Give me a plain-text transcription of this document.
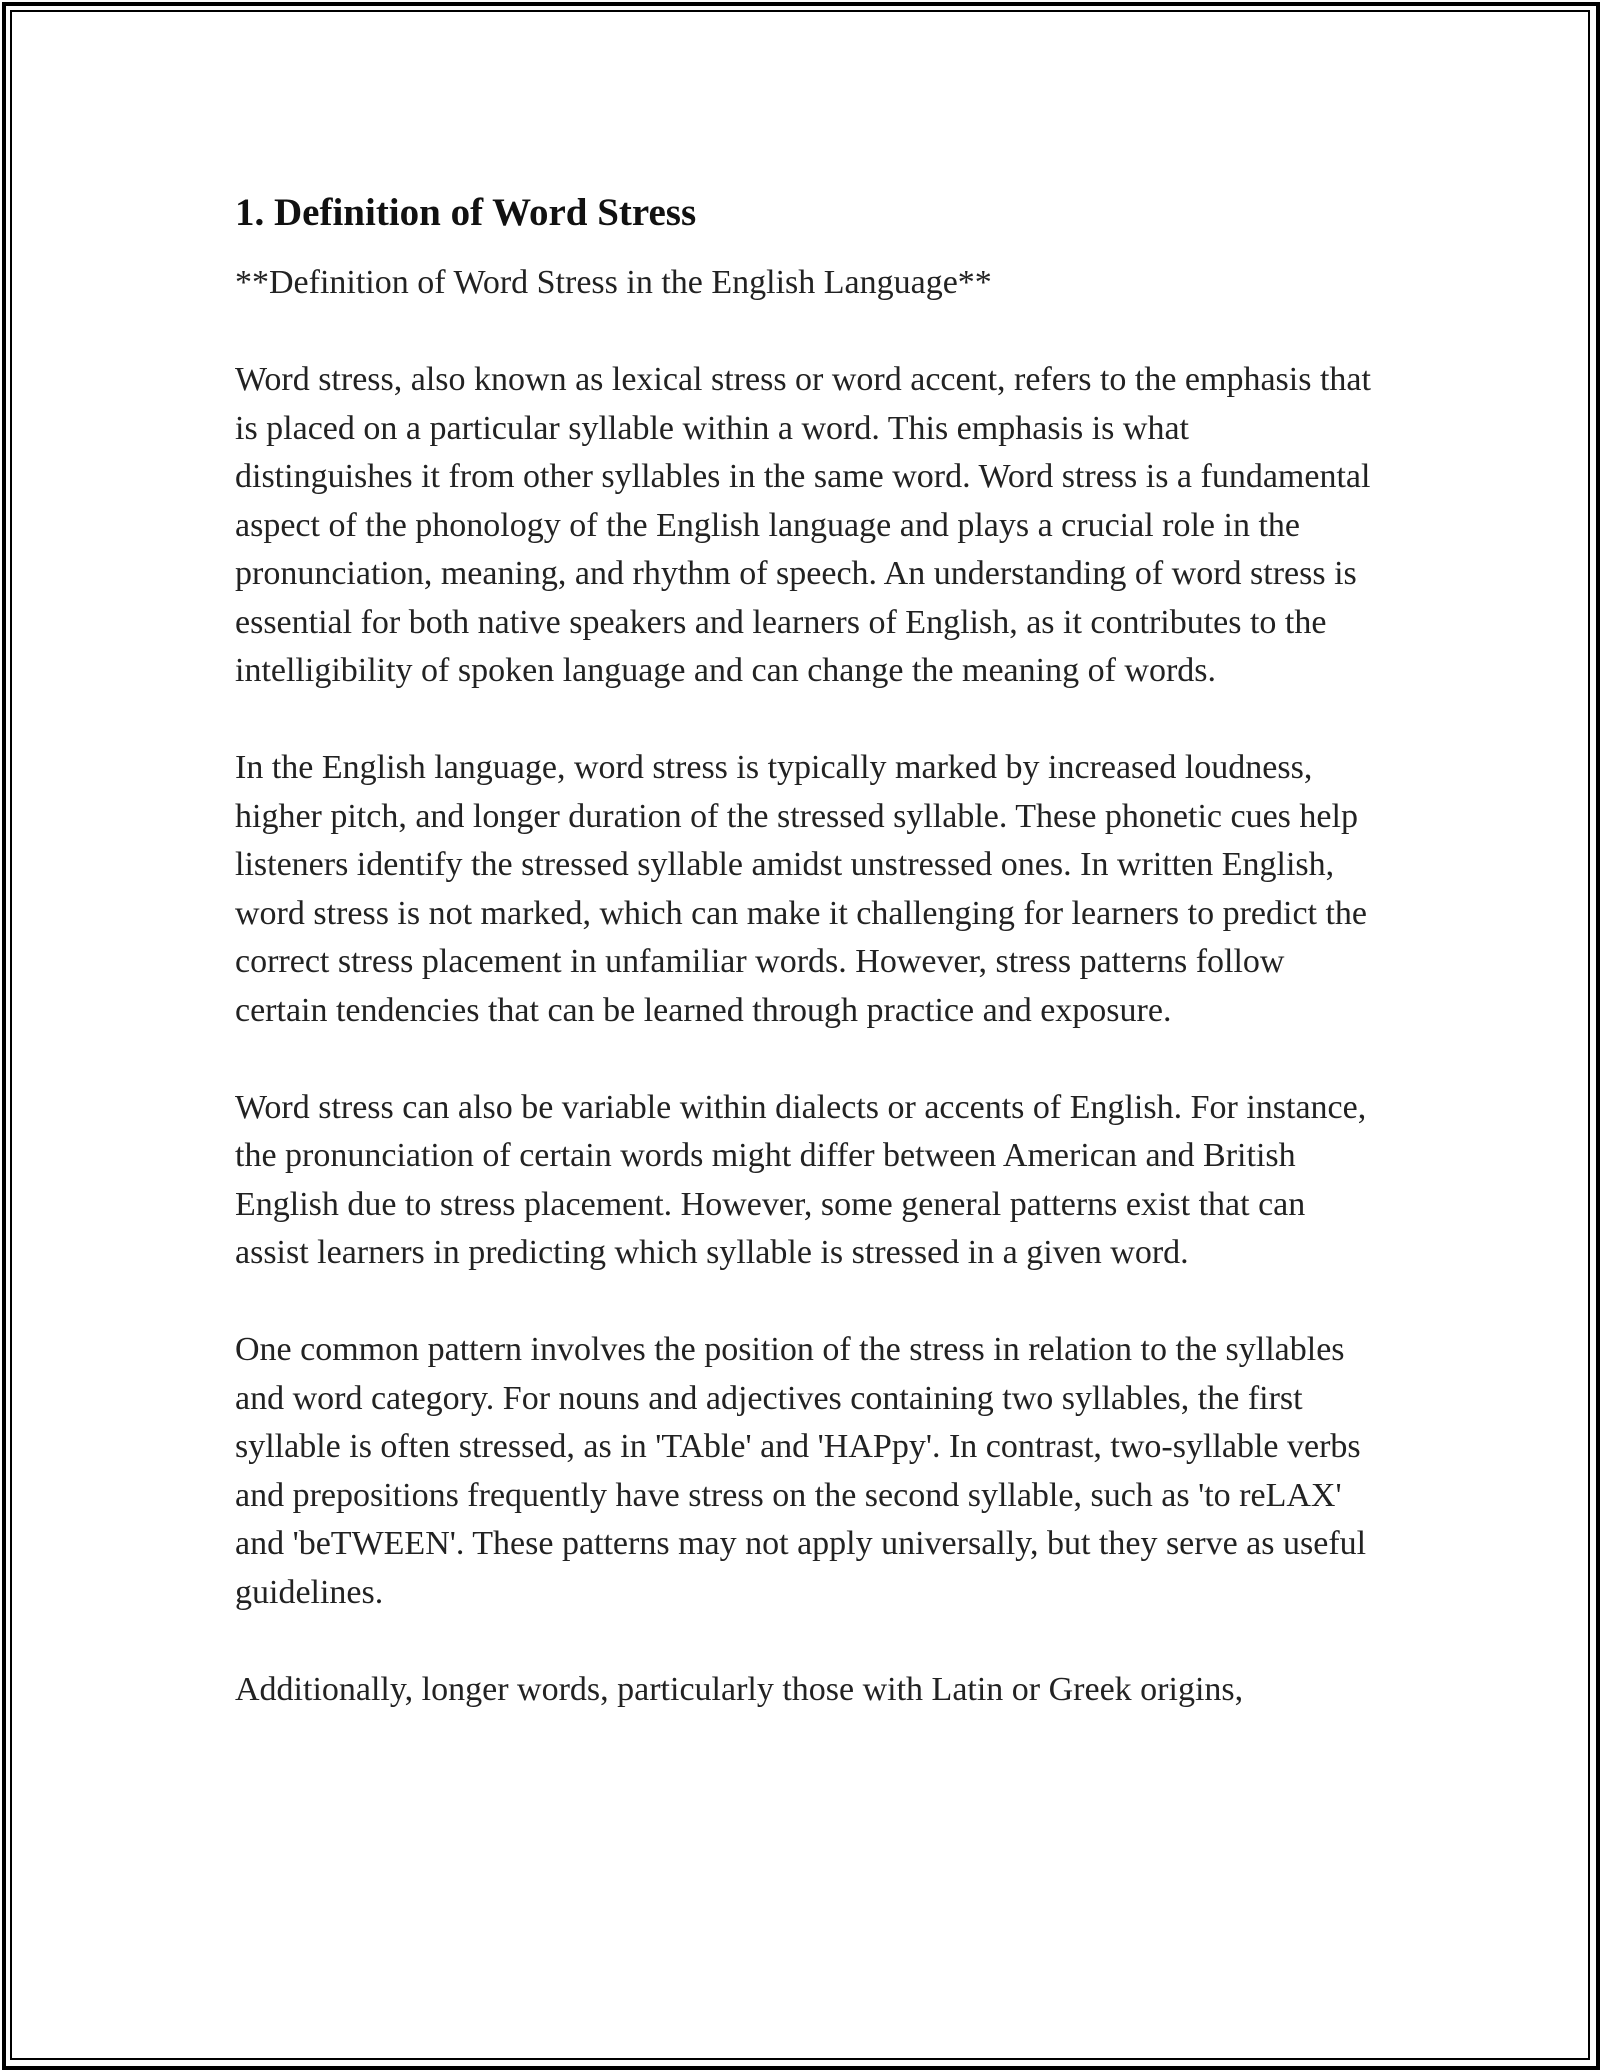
1. Definition of Word Stress

**Definition of Word Stress in the English Language**

Word stress, also known as lexical stress or word accent, refers to the emphasis that is placed on a particular syllable within a word. This emphasis is what distinguishes it from other syllables in the same word. Word stress is a fundamental aspect of the phonology of the English language and plays a crucial role in the pronunciation, meaning, and rhythm of speech. An understanding of word stress is essential for both native speakers and learners of English, as it contributes to the intelligibility of spoken language and can change the meaning of words.

In the English language, word stress is typically marked by increased loudness, higher pitch, and longer duration of the stressed syllable. These phonetic cues help listeners identify the stressed syllable amidst unstressed ones. In written English, word stress is not marked, which can make it challenging for learners to predict the correct stress placement in unfamiliar words. However, stress patterns follow certain tendencies that can be learned through practice and exposure.

Word stress can also be variable within dialects or accents of English. For instance, the pronunciation of certain words might differ between American and British English due to stress placement. However, some general patterns exist that can assist learners in predicting which syllable is stressed in a given word.

One common pattern involves the position of the stress in relation to the syllables and word category. For nouns and adjectives containing two syllables, the first syllable is often stressed, as in 'TAble' and 'HAPpy'. In contrast, two-syllable verbs and prepositions frequently have stress on the second syllable, such as 'to reLAX' and 'beTWEEN'. These patterns may not apply universally, but they serve as useful guidelines.

Additionally, longer words, particularly those with Latin or Greek origins,
